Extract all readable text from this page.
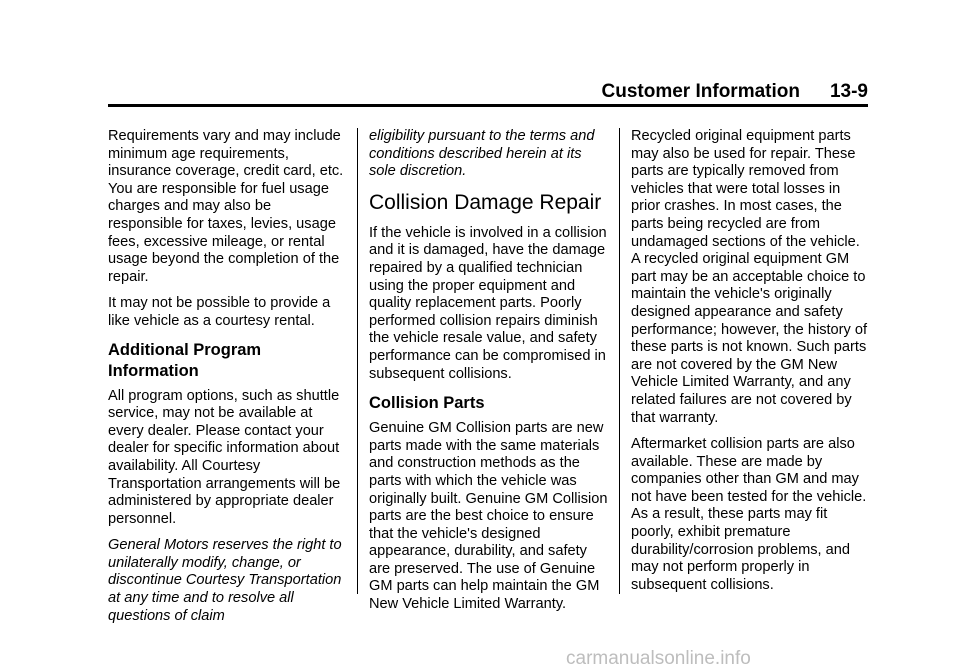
Customer Information 13-9

Requirements vary and may include minimum age requirements, insurance coverage, credit card, etc. You are responsible for fuel usage charges and may also be responsible for taxes, levies, usage fees, excessive mileage, or rental usage beyond the completion of the repair.

It may not be possible to provide a like vehicle as a courtesy rental.

Additional Program Information

All program options, such as shuttle service, may not be available at every dealer. Please contact your dealer for specific information about availability. All Courtesy Transportation arrangements will be administered by appropriate dealer personnel.

General Motors reserves the right to unilaterally modify, change, or discontinue Courtesy Transportation at any time and to resolve all questions of claim

eligibility pursuant to the terms and conditions described herein at its sole discretion.

Collision Damage Repair

If the vehicle is involved in a collision and it is damaged, have the damage repaired by a qualified technician using the proper equipment and quality replacement parts. Poorly performed collision repairs diminish the vehicle resale value, and safety performance can be compromised in subsequent collisions.

Collision Parts

Genuine GM Collision parts are new parts made with the same materials and construction methods as the parts with which the vehicle was originally built. Genuine GM Collision parts are the best choice to ensure that the vehicle's designed appearance, durability, and safety are preserved. The use of Genuine GM parts can help maintain the GM New Vehicle Limited Warranty.

Recycled original equipment parts may also be used for repair. These parts are typically removed from vehicles that were total losses in prior crashes. In most cases, the parts being recycled are from undamaged sections of the vehicle. A recycled original equipment GM part may be an acceptable choice to maintain the vehicle's originally designed appearance and safety performance; however, the history of these parts is not known. Such parts are not covered by the GM New Vehicle Limited Warranty, and any related failures are not covered by that warranty.

Aftermarket collision parts are also available. These are made by companies other than GM and may not have been tested for the vehicle. As a result, these parts may fit poorly, exhibit premature durability/corrosion problems, and may not perform properly in subsequent collisions.

carmanualsonline.info
